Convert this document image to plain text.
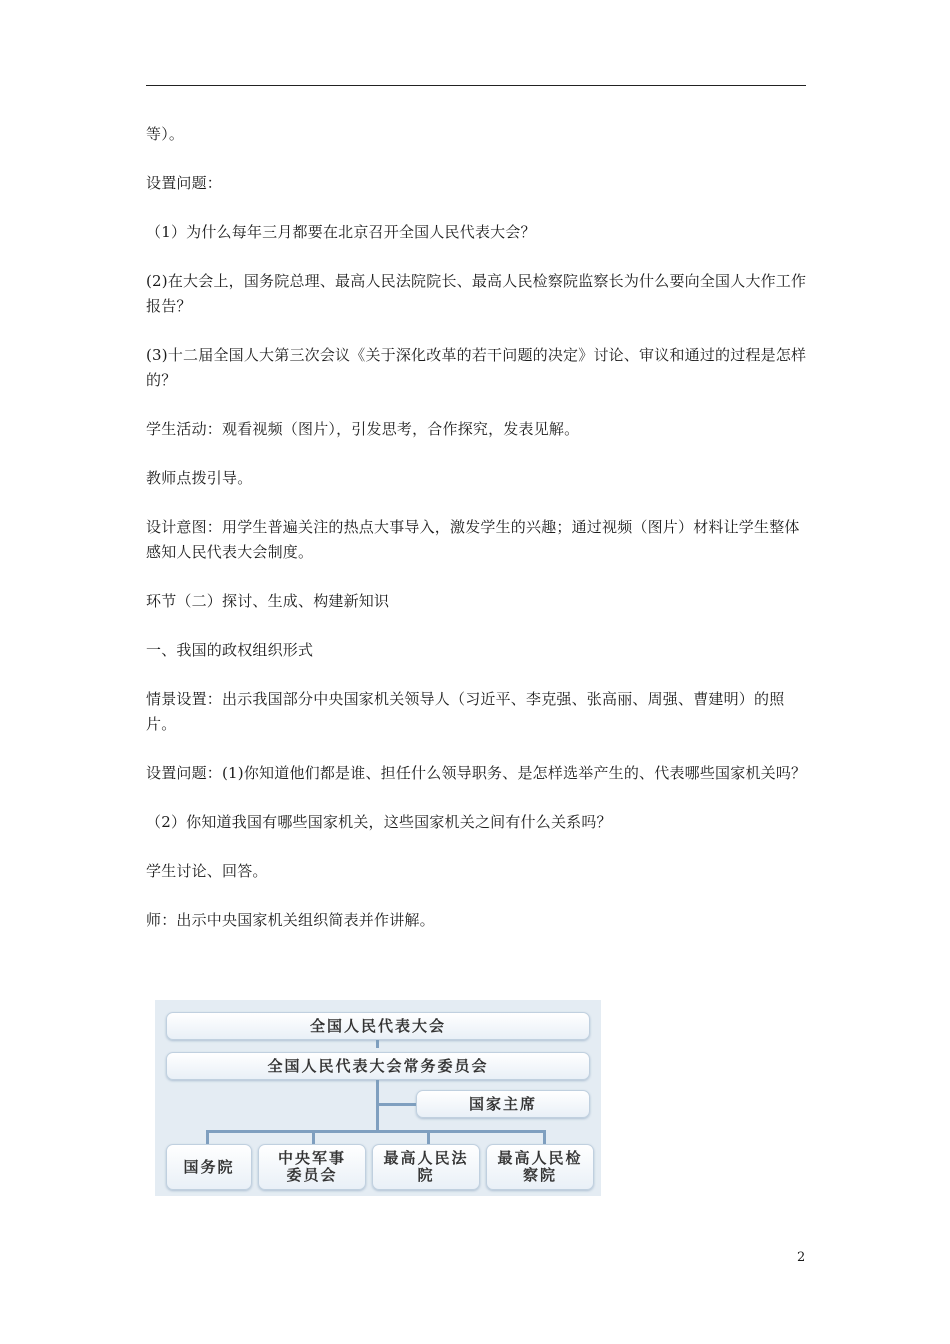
等）。

设置问题：

（1）为什么每年三月都要在北京召开全国人民代表大会？

(2)在大会上，国务院总理、最高人民法院院长、最高人民检察院监察长为什么要向全国人大作工作报告？

(3)十二届全国人大第三次会议《关于深化改革的若干问题的决定》讨论、审议和通过的过程是怎样的？

学生活动：观看视频（图片），引发思考，合作探究，发表见解。

教师点拨引导。

设计意图：用学生普遍关注的热点大事导入，激发学生的兴趣；通过视频（图片）材料让学生整体感知人民代表大会制度。

环节（二）探讨、生成、构建新知识

一、我国的政权组织形式

情景设置：出示我国部分中央国家机关领导人（习近平、李克强、张高丽、周强、曹建明）的照片。

设置问题：(1)你知道他们都是谁、担任什么领导职务、是怎样选举产生的、代表哪些国家机关吗？

（2）你知道我国有哪些国家机关，这些国家机关之间有什么关系吗？

学生讨论、回答。

师：出示中央国家机关组织简表并作讲解。

全国人民代表大会
全国人民代表大会常务委员会
国家主席
国务院	中央军事委员会
最高人民法院
最高人民检察院
2
